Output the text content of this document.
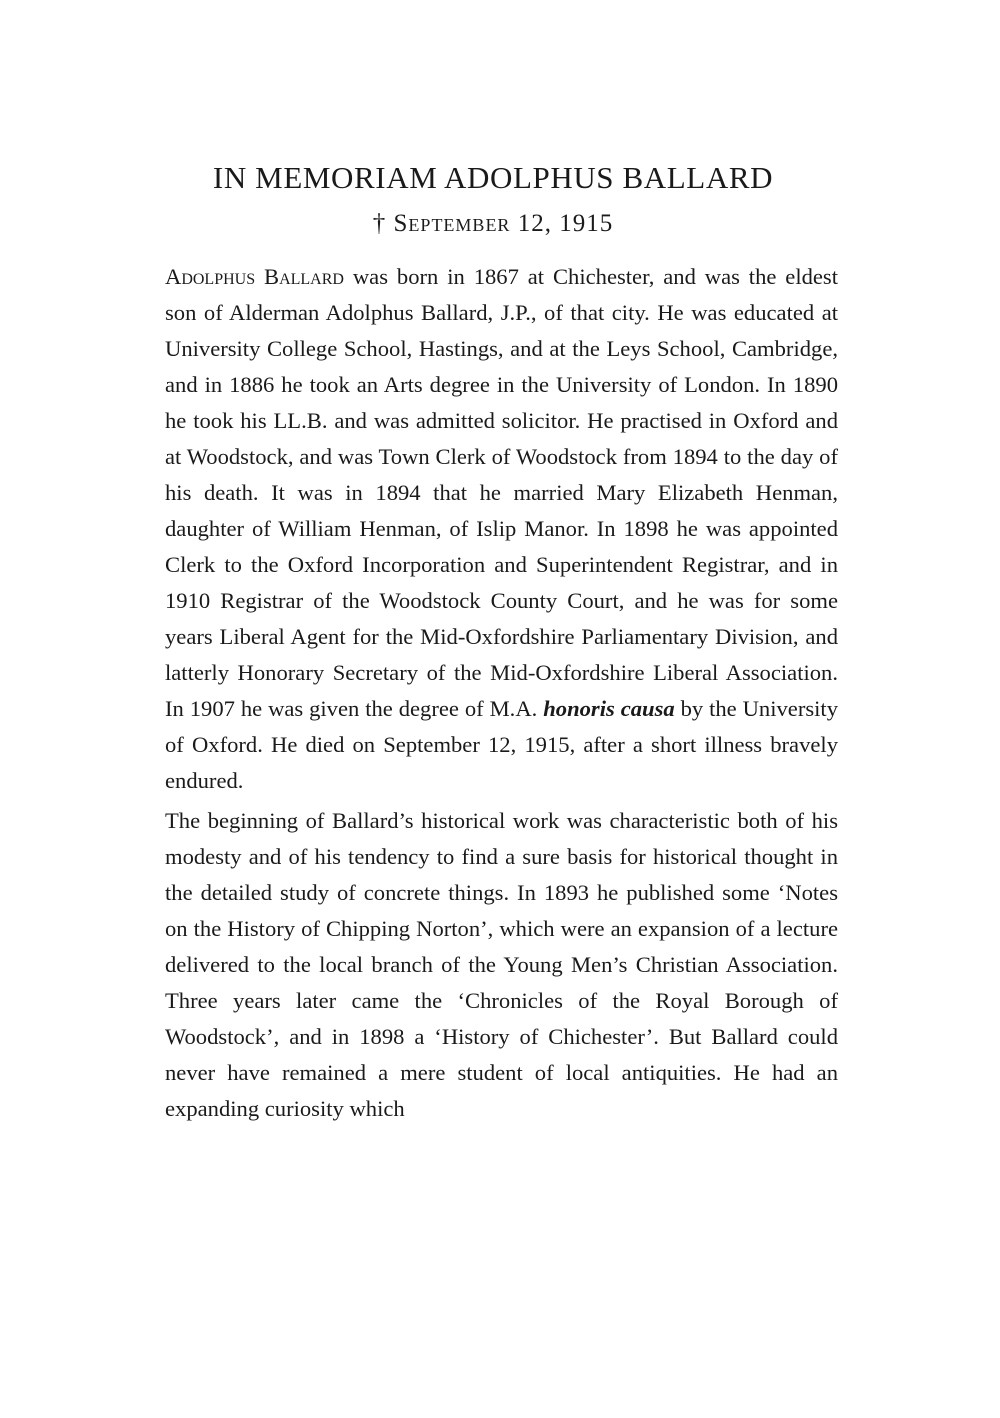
IN MEMORIAM ADOLPHUS BALLARD
† September 12, 1915

Adolphus Ballard was born in 1867 at Chichester, and was the eldest son of Alderman Adolphus Ballard, J.P., of that city. He was educated at University College School, Hastings, and at the Leys School, Cambridge, and in 1886 he took an Arts degree in the University of London. In 1890 he took his LL.B. and was admitted solicitor. He practised in Oxford and at Woodstock, and was Town Clerk of Woodstock from 1894 to the day of his death. It was in 1894 that he married Mary Elizabeth Henman, daughter of William Henman, of Islip Manor. In 1898 he was appointed Clerk to the Oxford Incorporation and Superintendent Registrar, and in 1910 Registrar of the Woodstock County Court, and he was for some years Liberal Agent for the Mid-Oxfordshire Parliamentary Division, and latterly Honorary Secretary of the Mid-Oxfordshire Liberal Association. In 1907 he was given the degree of M.A. honoris causa by the University of Oxford. He died on September 12, 1915, after a short illness bravely endured.

The beginning of Ballard’s historical work was characteristic both of his modesty and of his tendency to find a sure basis for historical thought in the detailed study of concrete things. In 1893 he published some ‘Notes on the History of Chipping Norton’, which were an expansion of a lecture delivered to the local branch of the Young Men’s Christian Association. Three years later came the ‘Chronicles of the Royal Borough of Woodstock’, and in 1898 a ‘History of Chichester’. But Ballard could never have remained a mere student of local antiquities. He had an expanding curiosity which
